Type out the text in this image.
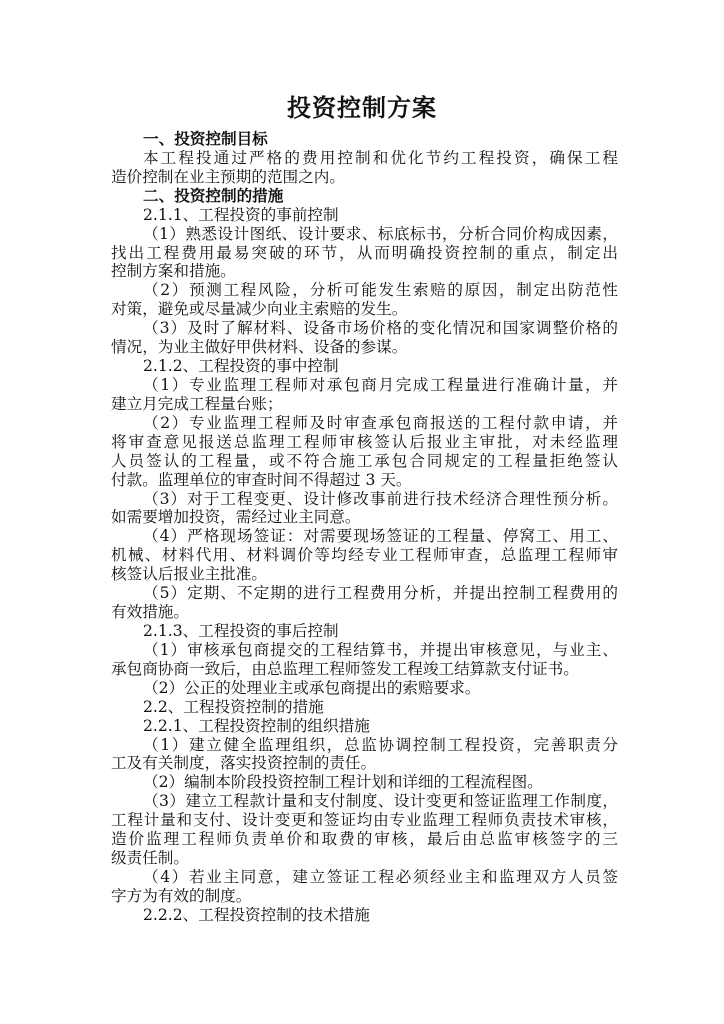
投资控制方案
一、投资控制目标
本工程投通过严格的费用控制和优化节约工程投资，确保工程
造价控制在业主预期的范围之内。
二、投资控制的措施
2.1.1、工程投资的事前控制
（1）熟悉设计图纸、设计要求、标底标书，分析合同价构成因素，
找出工程费用最易突破的环节，从而明确投资控制的重点，制定出
控制方案和措施。
（2）预测工程风险，分析可能发生索赔的原因，制定出防范性
对策，避免或尽量减少向业主索赔的发生。
（3）及时了解材料、设备市场价格的变化情况和国家调整价格的
情况，为业主做好甲供材料、设备的参谋。
2.1.2、工程投资的事中控制
（1）专业监理工程师对承包商月完成工程量进行准确计量，并
建立月完成工程量台账；
（2）专业监理工程师及时审查承包商报送的工程付款申请，并
将审查意见报送总监理工程师审核签认后报业主审批，对未经监理
人员签认的工程量，或不符合施工承包合同规定的工程量拒绝签认
付款。监理单位的审查时间不得超过 3 天。
（3）对于工程变更、设计修改事前进行技术经济合理性预分析。
如需要增加投资，需经过业主同意。
（4）严格现场签证：对需要现场签证的工程量、停窝工、用工、
机械、材料代用、材料调价等均经专业工程师审查，总监理工程师审
核签认后报业主批准。
（5）定期、不定期的进行工程费用分析，并提出控制工程费用的
有效措施。
2.1.3、工程投资的事后控制
（1）审核承包商提交的工程结算书，并提出审核意见，与业主、
承包商协商一致后，由总监理工程师签发工程竣工结算款支付证书。
（2）公正的处理业主或承包商提出的索赔要求。
2.2、工程投资控制的措施
2.2.1、工程投资控制的组织措施
（1）建立健全监理组织，总监协调控制工程投资，完善职责分
工及有关制度，落实投资控制的责任。
（2）编制本阶段投资控制工程计划和详细的工程流程图。
（3）建立工程款计量和支付制度、设计变更和签证监理工作制度，
工程计量和支付、设计变更和签证均由专业监理工程师负责技术审核，
造价监理工程师负责单价和取费的审核，最后由总监审核签字的三
级责任制。
（4）若业主同意，建立签证工程必须经业主和监理双方人员签
字方为有效的制度。
2.2.2、工程投资控制的技术措施
